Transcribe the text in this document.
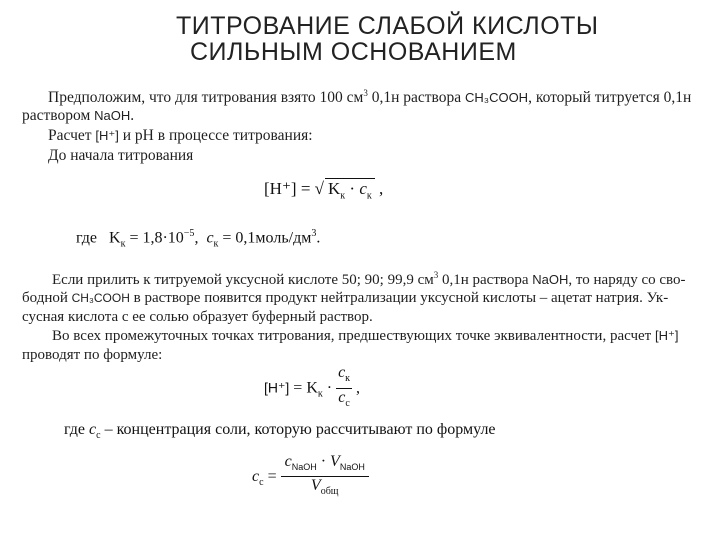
ТИТРОВАНИЕ СЛАБОЙ КИСЛОТЫ
СИЛЬНЫМ ОСНОВАНИЕМ
Предположим, что для титрования взято 100 $см^3$ 0,1н раствора CH₃COOH, который титруется 0,1н
раствором NaOH.
Расчет [H⁺] и pH в процессе титрования:
До начала титрования
[H⁺] = √ $K_к \cdot c_к$ ,
где $K_к = 1,8\cdot 10^{-5}$, $c_к$ = $0,1моль/дм^3$.
Если прилить к титруемой уксусной кислоте 50; 90; 99,9 $см^3$ 0,1н раствора NaOH, то наряду со сво-
бодной CH₃COOH в растворе появится продукт нейтрализации уксусной кислоты – ацетат натрия. Ук-
сусная кислота с ее солью образует буферный раствор.
Во всех промежуточных точках титрования, предшествующих точке эквивалентности, расчет [H⁺]
проводят по формуле:
$[H^+] = K_к \cdot \frac{c_к}{c_c}$ ,
где $c_c$ – концентрация соли, которую рассчитывают по формуле
$c_c = \frac{c_{NaOH} \cdot V_{NaOH}}{V_{общ}}$
